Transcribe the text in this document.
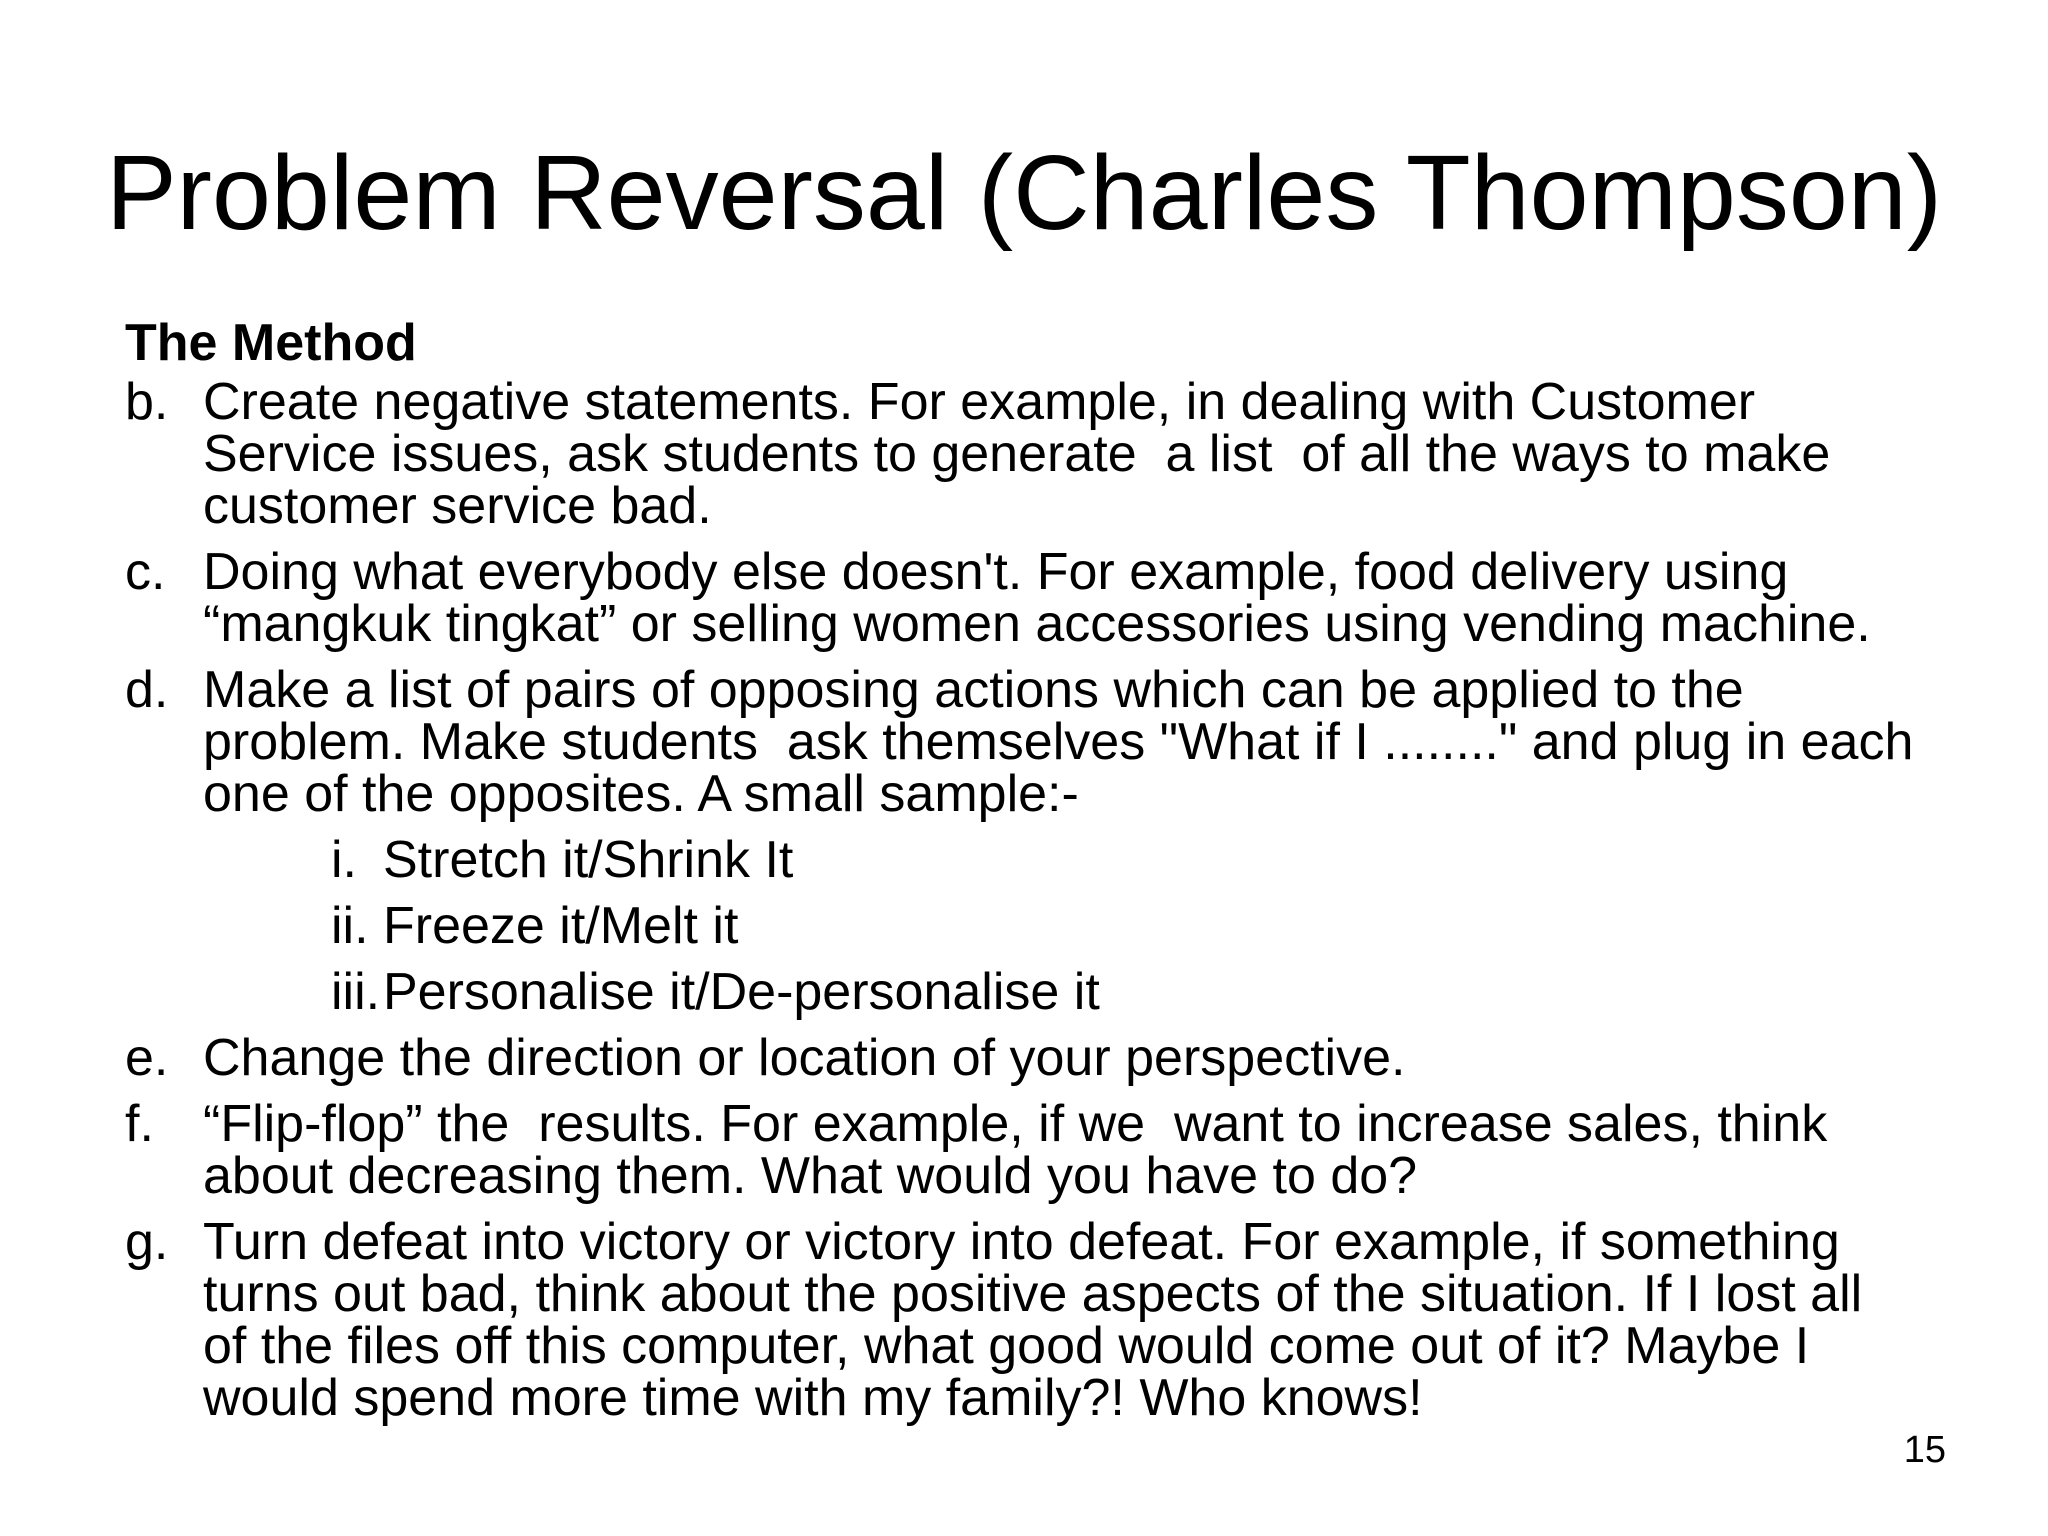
Problem Reversal (Charles Thompson)
The Method
b. Create negative statements. For example, in dealing with Customer
Service issues, ask students to generate  a list  of all the ways to make
customer service bad.
c. Doing what everybody else doesn't. For example, food delivery using
“mangkuk tingkat” or selling women accessories using vending machine.
d. Make a list of pairs of opposing actions which can be applied to the
problem. Make students  ask themselves "What if I ........" and plug in each
one of the opposites. A small sample:-
i. Stretch it/Shrink It
ii. Freeze it/Melt it
iii. Personalise it/De-personalise it
e. Change the direction or location of your perspective.
f. “Flip-flop” the  results. For example, if we  want to increase sales, think
about decreasing them. What would you have to do?
g. Turn defeat into victory or victory into defeat. For example, if something
turns out bad, think about the positive aspects of the situation. If I lost all
of the files off this computer, what good would come out of it? Maybe I
would spend more time with my family?! Who knows!
15
